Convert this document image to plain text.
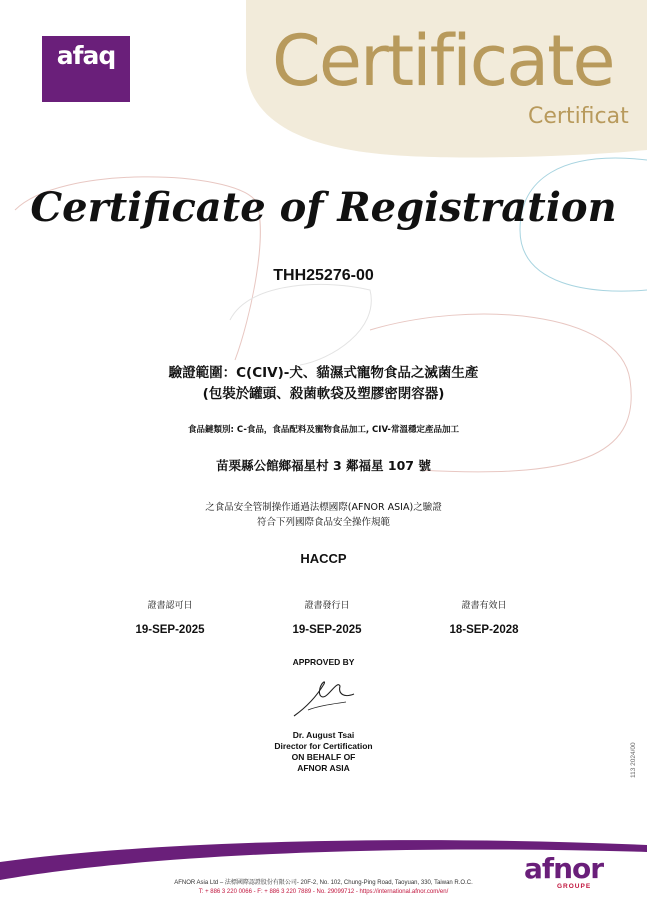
afaq Certificate
Certificat
Certificate of Registration
THH25276-00
驗證範圍：C(CIV)-犬、貓濕式寵物食品之滅菌生產
(包裝於罐頭、殺菌軟袋及塑膠密閉容器)
食品鏈類別: C-食品，食品配料及寵物食品加工, CIV-常溫穩定產品加工
苗栗縣公館鄉福星村 3 鄰福星 107 號
之食品安全管制操作通過法標國際(AFNOR ASIA)之驗證
符合下列國際食品安全操作規範
HACCP
證書認可日	證書發行日	證書有效日
19-SEP-2025	19-SEP-2025	18-SEP-2028
APPROVED BY
Dr. August Tsai
Director for Certification
ON BEHALF OF
AFNOR ASIA	113 2024/00
afnor
GROUPE
AFNOR Asia Ltd – 法標國際認證股份有限公司- 20F-2, No. 102, Chung-Ping Road, Taoyuan, 330, Taiwan R.O.C.
T: + 886 3 220 0066 - F: + 886 3 220 7889 - No. 29099712 - https://international.afnor.com/en/
